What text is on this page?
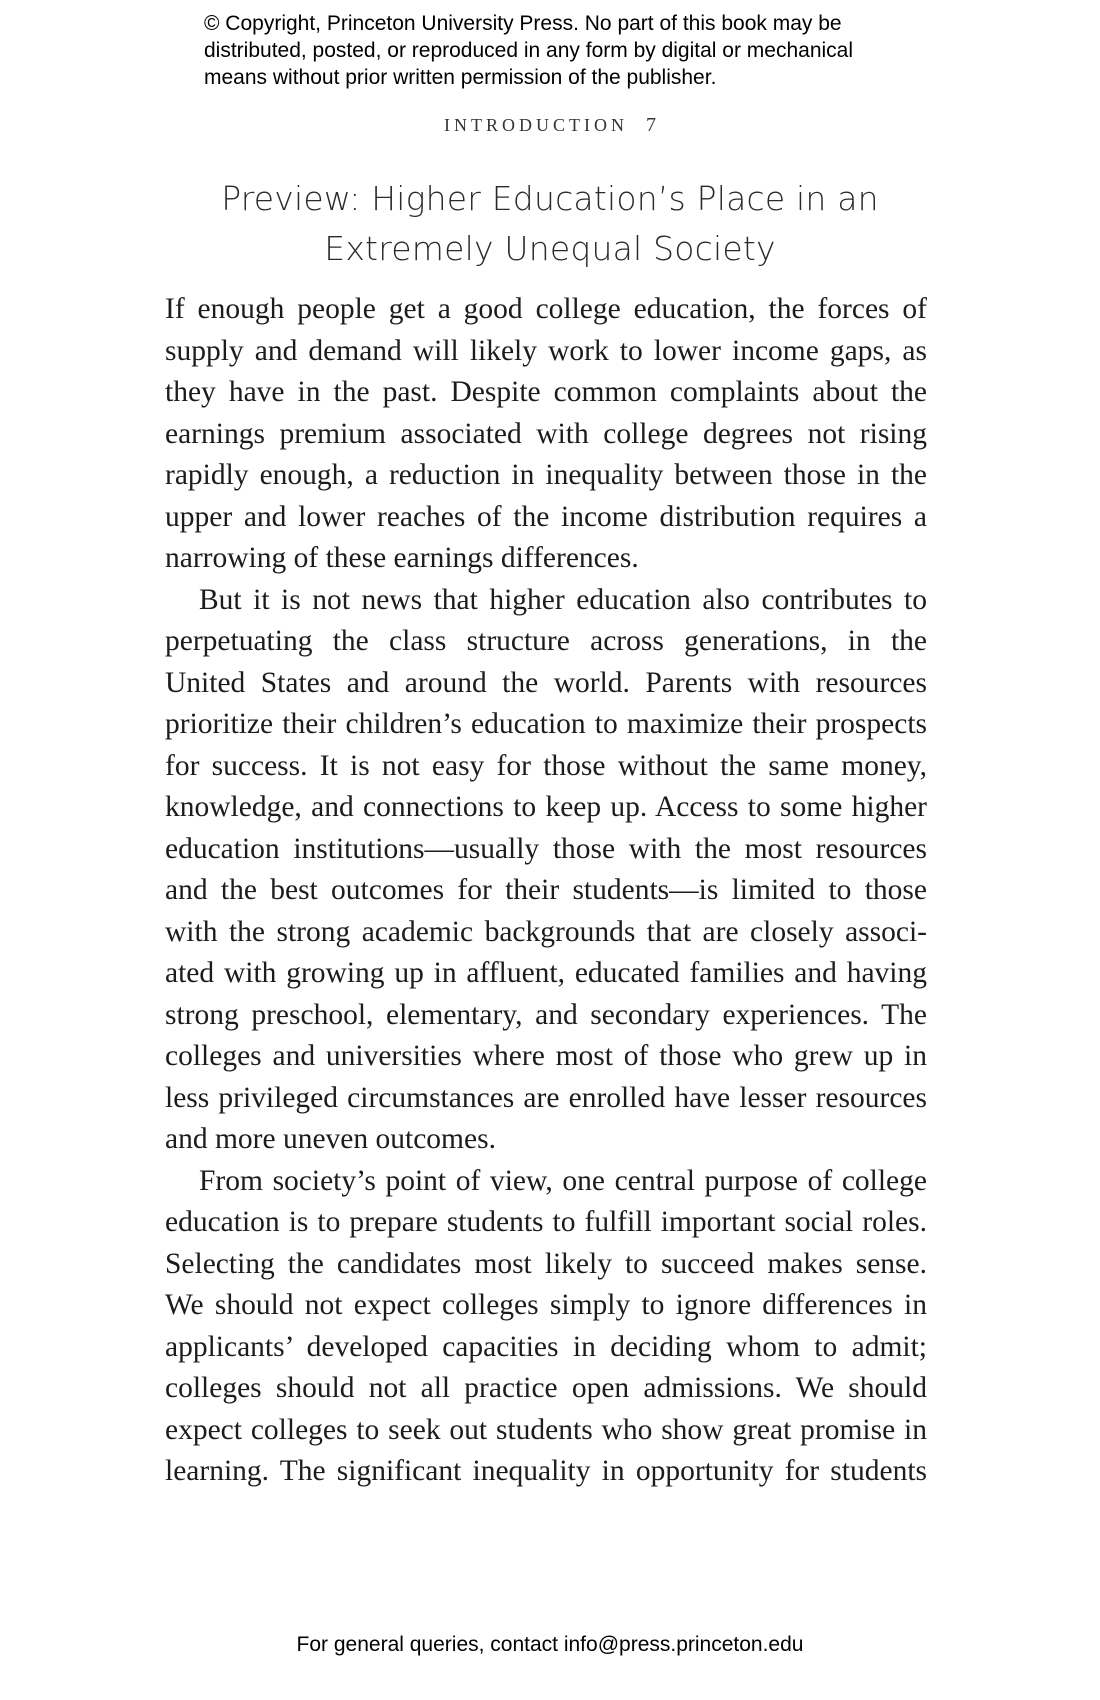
© Copyright, Princeton University Press. No part of this book may be
distributed, posted, or reproduced in any form by digital or mechanical
means without prior written permission of the publisher.
INTRODUCTION 7
Preview: Higher Education’s Place in an
Extremely Unequal Society
If enough people get a good college education, the forces of
supply and demand will likely work to lower income gaps, as
they have in the past. Despite common complaints about the
earnings premium associated with college degrees not rising
rapidly enough, a reduction in inequality between those in the
upper and lower reaches of the income distribution requires a
narrowing of these earnings differences.
But it is not news that higher education also contributes to
perpetuating the class structure across generations, in the
United States and around the world. Parents with resources
prioritize their children’s education to maximize their prospects
for success. It is not easy for those without the same money,
knowledge, and connections to keep up. Access to some higher
education institutions—usually those with the most resources
and the best outcomes for their students—is limited to those
with the strong academic backgrounds that are closely associ-
ated with growing up in affluent, educated families and having
strong preschool, elementary, and secondary experiences. The
colleges and universities where most of those who grew up in
less privileged circumstances are enrolled have lesser resources
and more uneven outcomes.
From society’s point of view, one central purpose of college
education is to prepare students to fulfill important social roles.
Selecting the candidates most likely to succeed makes sense.
We should not expect colleges simply to ignore differences in
applicants’ developed capacities in deciding whom to admit;
colleges should not all practice open admissions. We should
expect colleges to seek out students who show great promise in
learning. The significant inequality in opportunity for students
For general queries, contact info@press.princeton.edu
